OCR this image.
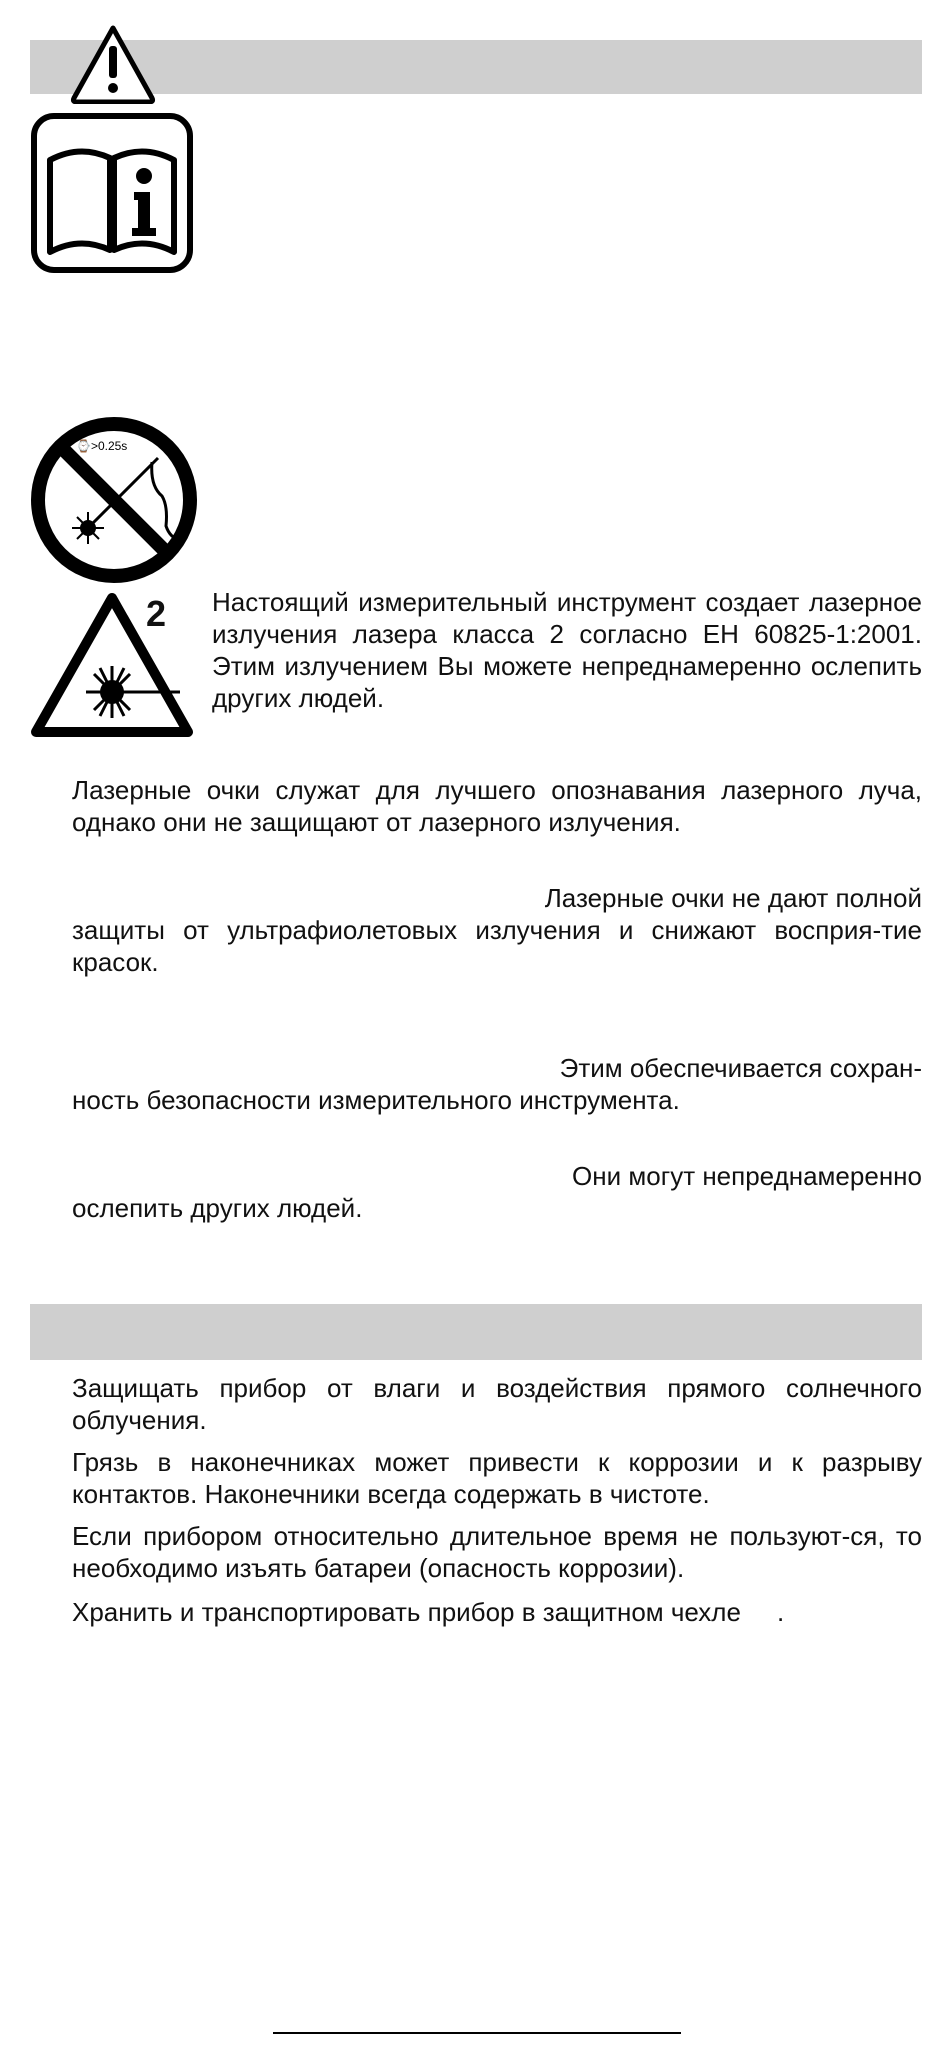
⌚>0.25s
2 Настоящий измерительный инструмент создает лазерное излучения лазера класса 2 согласно ЕН 60825-1:2001. Этим излучением Вы можете непреднамеренно ослепить других людей.

Лазерные очки служат для лучшего опознавания лазерного луча, однако они не защищают от лазерного излучения.

Лазерные очки не дают полной

защиты от ультрафиолетовых излучения и снижают восприя-тие красок.

Этим обеспечивается сохран-

ность безопасности измерительного инструмента.

Они могут непреднамеренно

ослепить других людей.

Защищать прибор от влаги и воздействия прямого солнечного облучения.

Грязь в наконечниках может привести к коррозии и к разрыву контактов. Наконечники всегда содержать в чистоте.

Если прибором относительно длительное время не пользуют-ся, то необходимо изъять батареи (опасность коррозии).

Хранить и транспортировать прибор в защитном чехле     .
